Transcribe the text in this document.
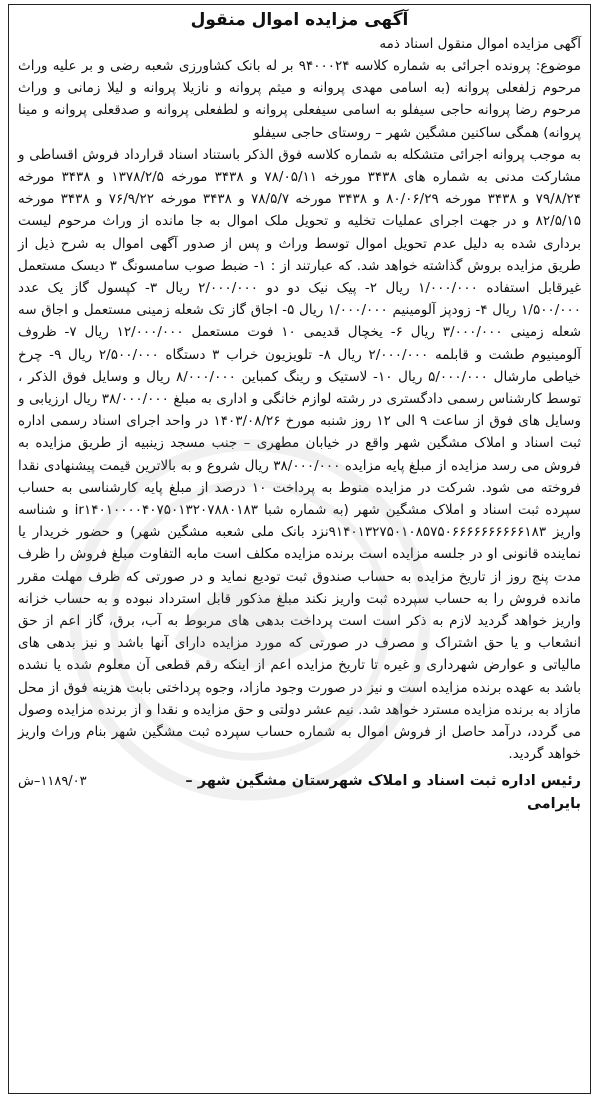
آگهی مزایده اموال منقول
آگهی مزایده اموال منقول اسناد ذمه

موضوع: پرونده اجرائی به شماره کلاسه ۹۴۰۰۰۲۴ بر له بانک کشاورزی شعبه رضی و بر علیه وراث مرحوم زلفعلی پروانه (به اسامی مهدی پروانه و میثم پروانه و نازیلا پروانه و لیلا زمانی و وراث مرحوم رضا پروانه حاجی سیفلو به اسامی سیفعلی پروانه و لطفعلی پروانه و صدقعلی پروانه و مینا پروانه) همگی ساکنین مشگین شهر – روستای حاجی سیفلو

به موجب پروانه اجرائی متشکله به شماره کلاسه فوق الذکر باستناد اسناد قرارداد فروش اقساطی و مشارکت مدنی به شماره های ۳۴۳۸ مورخه ۷۸/۰۵/۱۱ و ۳۴۳۸ مورخه ۱۳۷۸/۲/۵ و ۳۴۳۸ مورخه ۷۹/۸/۲۴ و ۳۴۳۸ مورخه ۸۰/۰۶/۲۹ و ۳۴۳۸ مورخه ۷۸/۵/۷ و ۳۴۳۸ مورخه ۷۶/۹/۲۲ و ۳۴۳۸ مورخه ۸۲/۵/۱۵ و در جهت اجرای عملیات تخلیه و تحویل ملک اموال به جا مانده از وراث مرحوم لیست برداری شده به دلیل عدم تحویل اموال توسط وراث و پس از صدور آگهی اموال به شرح ذیل از طریق مزایده بروش گذاشته خواهد شد. که عبارتند از : ۱- ضبط صوب سامسونگ ۳ دیسک مستعمل غیرقابل استفاده ۱/۰۰۰/۰۰۰ ریال ۲- پیک نیک دو دو ۲/۰۰۰/۰۰۰ ریال ۳- کپسول گاز یک عدد ۱/۵۰۰/۰۰۰ ریال ۴- زودپز آلومینیم ۱/۰۰۰/۰۰۰ ریال ۵- اجاق گاز تک شعله زمینی مستعمل و اجاق سه شعله زمینی ۳/۰۰۰/۰۰۰ ریال ۶- یخچال قدیمی ۱۰ فوت مستعمل ۱۲/۰۰۰/۰۰۰ ریال ۷- ظروف آلومینیوم طشت و قابلمه ۲/۰۰۰/۰۰۰ ریال ۸- تلویزیون خراب ۳ دستگاه ۲/۵۰۰/۰۰۰ ریال ۹- چرخ خیاطی مارشال ۵/۰۰۰/۰۰۰ ریال ۱۰- لاستیک و رینگ کمباین ۸/۰۰۰/۰۰۰ ریال و وسایل فوق الذکر ، توسط کارشناس رسمی دادگستری در رشته لوازم خانگی و اداری به مبلغ ۳۸/۰۰۰/۰۰۰ ریال ارزیابی و وسایل های فوق از ساعت ۹ الی ۱۲ روز شنبه مورخ ۱۴۰۳/۰۸/۲۶ در واحد اجرای اسناد رسمی اداره ثبت اسناد و املاک مشگین شهر واقع در خیابان مطهری – جنب مسجد زینبیه از طریق مزایده به فروش می رسد مزایده از مبلغ پایه مزایده ۳۸/۰۰۰/۰۰۰ ریال شروع و به بالاترین قیمت پیشنهادی نقدا فروخته می شود. شرکت در مزایده منوط به پرداخت ۱۰ درصد از مبلغ پایه کارشناسی به حساب سپرده ثبت اسناد و املاک مشگین شهر (به شماره شبا ir۱۴۰۱۰۰۰۰۴۰۷۵۰۱۳۲۰۷۸۸۰۱۸۳ و شناسه واریز ۹۱۴۰۱۳۲۷۵۰۱۰۸۵۷۵۰۶۶۶۶۶۶۶۶۶۶۱۸۳نزد بانک ملی شعبه مشگین شهر) و حضور خریدار یا نماینده قانونی او در جلسه مزایده است برنده مزایده مکلف است مابه التفاوت مبلغ فروش را ظرف مدت پنج روز از تاریخ مزایده به حساب صندوق ثبت توديع نماید و در صورتی که ظرف مهلت مقرر مانده فروش را به حساب سپرده ثبت واریز نکند مبلغ مذکور قابل استرداد نبوده و به حساب خزانه واریز خواهد گردید لازم به ذکر است است پرداخت بدهی های مربوط به آب، برق، گاز اعم از حق انشعاب و یا حق اشتراک و مصرف در صورتی که مورد مزایده دارای آنها باشد و نیز بدهی های مالیاتی و عوارض شهرداری و غیره تا تاریخ مزایده اعم از اینکه رقم قطعی آن معلوم شده یا نشده باشد به عهده برنده مزایده است و نیز در صورت وجود مازاد، وجوه پرداختی بابت هزینه فوق از محل مازاد به برنده مزایده مسترد خواهد شد. نیم عشر دولتی و حق مزایده و نقدا و از برنده مزایده وصول می گردد، درآمد حاصل از فروش اموال به شماره حساب سپرده ثبت مشگین شهر بنام وراث واریز خواهد گردید.

رئیس اداره ثبت اسناد و املاک شهرستان مشگین شهر –
۱۱۸۹/۰۳–ش
بایرامی
